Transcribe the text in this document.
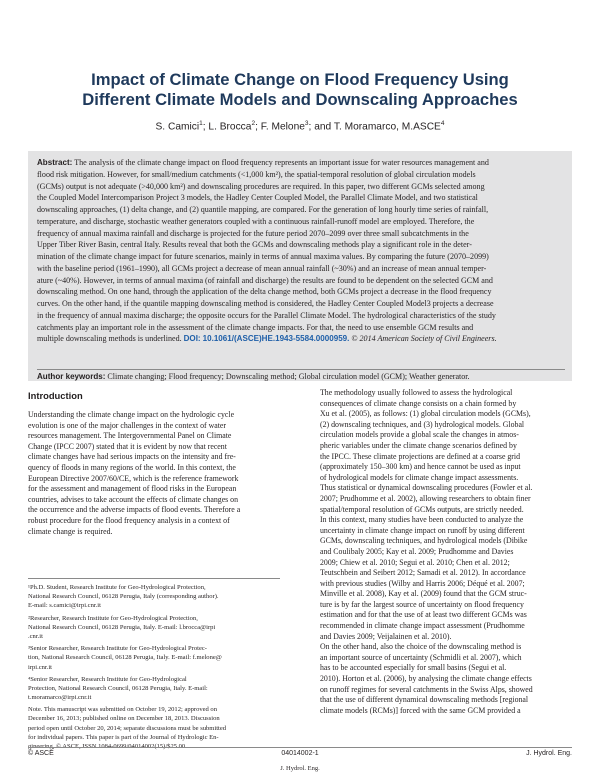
Impact of Climate Change on Flood Frequency Using
Different Climate Models and Downscaling Approaches
S. Camici$^1$; L. Brocca$^2$; F. Melone$^3$; and T. Moramarco, M.ASCE$^4$
Abstract: The analysis of the climate change impact on flood frequency represents an important issue for water resources management and
flood risk mitigation. However, for small/medium catchments (<1,000 km²), the spatial-temporal resolution of global circulation models
(GCMs) output is not adequate (>40,000 km²) and downscaling procedures are required. In this paper, two different GCMs selected among
the Coupled Model Intercomparison Project 3 models, the Hadley Center Coupled Model, the Parallel Climate Model, and two statistical
downscaling approaches, (1) delta change, and (2) quantile mapping, are compared. For the generation of long hourly time series of rainfall,
temperature, and discharge, stochastic weather generators coupled with a continuous rainfall-runoff model are employed. Therefore, the
frequency of annual maxima rainfall and discharge is projected for the future period 2070–2099 over three small subcatchments in the
Upper Tiber River Basin, central Italy. Results reveal that both the GCMs and downscaling methods play a significant role in the deter-
mination of the climate change impact for future scenarios, mainly in terms of annual maxima values. By comparing the future (2070–2099)
with the baseline period (1961–1990), all GCMs project a decrease of mean annual rainfall (~30%) and an increase of mean annual temper-
ature (~40%). However, in terms of annual maxima (of rainfall and discharge) the results are found to be dependent on the selected GCM and
downscaling method. On one hand, through the application of the delta change method, both GCMs project a decrease in the flood frequency
curves. On the other hand, if the quantile mapping downscaling method is considered, the Hadley Center Coupled Model3 projects a decrease
in the frequency of annual maxima discharge; the opposite occurs for the Parallel Climate Model. The hydrological characteristics of the study
catchments play an important role in the assessment of the climate change impacts. For that, the need to use ensemble GCM results and
multiple downscaling methods is underlined. DOI: 10.1061/(ASCE)HE.1943-5584.0000959. © 2014 American Society of Civil Engineers.
Author keywords: Climate changing; Flood frequency; Downscaling method; Global circulation model (GCM); Weather generator.
Introduction
Understanding the climate change impact on the hydrologic cycle
evolution is one of the major challenges in the context of water
resources management. The Intergovernmental Panel on Climate
Change (IPCC 2007) stated that it is evident by now that recent
climate changes have had serious impacts on the intensity and fre-
quency of floods in many regions of the world. In this context, the
European Directive 2007/60/CE, which is the reference framework
for the assessment and management of flood risks in the European
countries, advises to take account the effects of climate changes on
the occurrence and the adverse impacts of flood events. Therefore a
robust procedure for the flood frequency analysis in a context of
climate change is required.
¹Ph.D. Student, Research Institute for Geo-Hydrological Protection,
National Research Council, 06128 Perugia, Italy (corresponding author).
E-mail: s.camici@irpi.cnr.it
²Researcher, Research Institute for Geo-Hydrological Protection,
National Research Council, 06128 Perugia, Italy. E-mail: l.brocca@irpi
.cnr.it
³Senior Researcher, Research Institute for Geo-Hydrological Protec-
tion, National Research Council, 06128 Perugia, Italy. E-mail: f.melone@
irpi.cnr.it
⁴Senior Researcher, Research Institute for Geo-Hydrological
Protection, National Research Council, 06128 Perugia, Italy. E-mail:
t.moramarco@irpi.cnr.it
Note. This manuscript was submitted on October 19, 2012; approved on
December 16, 2013; published online on December 18, 2013. Discussion
period open until October 20, 2014; separate discussions must be submitted
for individual papers. This paper is part of the Journal of Hydrologic En-
gineering, © ASCE, ISSN 1084-0699/04014002(15)/$25.00.
The methodology usually followed to assess the hydrological
consequences of climate change consists on a chain formed by
Xu et al. (2005), as follows: (1) global circulation models (GCMs),
(2) downscaling techniques, and (3) hydrological models. Global
circulation models provide a global scale the changes in atmos-
pheric variables under the climate change scenarios defined by
the IPCC. These climate projections are defined at a coarse grid
(approximately 150–300 km) and hence cannot be used as input
of hydrological models for climate change impact assessments.
Thus statistical or dynamical downscaling procedures (Fowler et al.
2007; Prudhomme et al. 2002), allowing researchers to obtain finer
spatial/temporal resolution of GCMs outputs, are strictly needed.
In this context, many studies have been conducted to analyze the
uncertainty in climate change impact on runoff by using different
GCMs, downscaling techniques, and hydrological models (Dibike
and Coulibaly 2005; Kay et al. 2009; Prudhomme and Davies
2009; Chiew et al. 2010; Segui et al. 2010; Chen et al. 2012;
Teutschbein and Seibert 2012; Samadi et al. 2012). In accordance
with previous studies (Wilby and Harris 2006; Déqué et al. 2007;
Minville et al. 2008), Kay et al. (2009) found that the GCM struc-
ture is by far the largest source of uncertainty on flood frequency
estimation and for that the use of at least two different GCMs was
recommended in climate change impact assessment (Prudhomme
and Davies 2009; Veijalainen et al. 2010).
On the other hand, also the choice of the downscaling method is
an important source of uncertainty (Schmidli et al. 2007), which
has to be accounted especially for small basins (Segui et al.
2010). Horton et al. (2006), by analysing the climate change effects
on runoff regimes for several catchments in the Swiss Alps, showed
that the use of different dynamical downscaling methods [regional
climate models (RCMs)] forced with the same GCM provided a
© ASCE	04014002-1	J. Hydrol. Eng.
J. Hydrol. Eng.
